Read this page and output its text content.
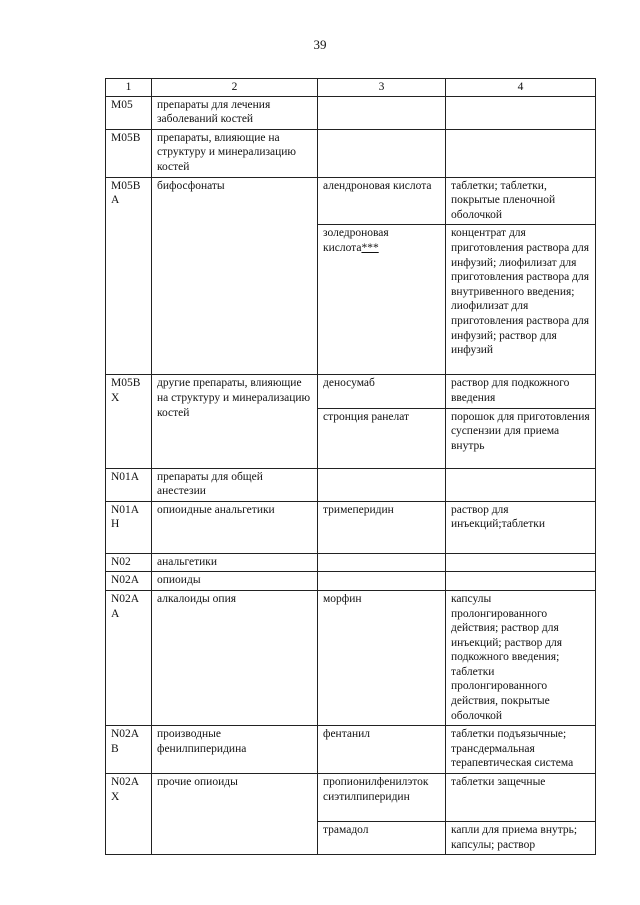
39
1	2	3	4
M05	препараты для лечения заболеваний костей		
M05B	препараты, влияющие на структуру и минерализацию костей		
M05BA	бифосфонаты	алендроновая кислота	таблетки; таблетки, покрытые пленочной оболочкой
		золедроновая кислота***	концентрат для приготовления раствора для инфузий; лиофилизат для приготовления раствора для внутривенного введения; лиофилизат для приготовления раствора для инфузий; раствор для инфузий
M05BX	другие препараты, влияющие на структуру и минерализацию костей	деносумаб	раствор для подкожного введения
		стронция ранелат	порошок для приготовления суспензии для приема внутрь
N01A	препараты для общей анестезии		
N01AH	опиоидные анальгетики	тримеперидин	раствор для инъекций;таблетки
N02	анальгетики		
N02A	опиоиды		
N02AA	алкалоиды опия	морфин	капсулы пролонгированного действия; раствор для инъекций; раствор для подкожного введения; таблетки пролонгированного действия, покрытые оболочкой
N02AB	производные фенилпиперидина	фентанил	таблетки подъязычные; трансдермальная терапевтическая система
N02AX	прочие опиоиды	пропионилфенилэток сиэтилпиперидин	таблетки защечные
		трамадол	капли для приема внутрь; капсулы; раствор
